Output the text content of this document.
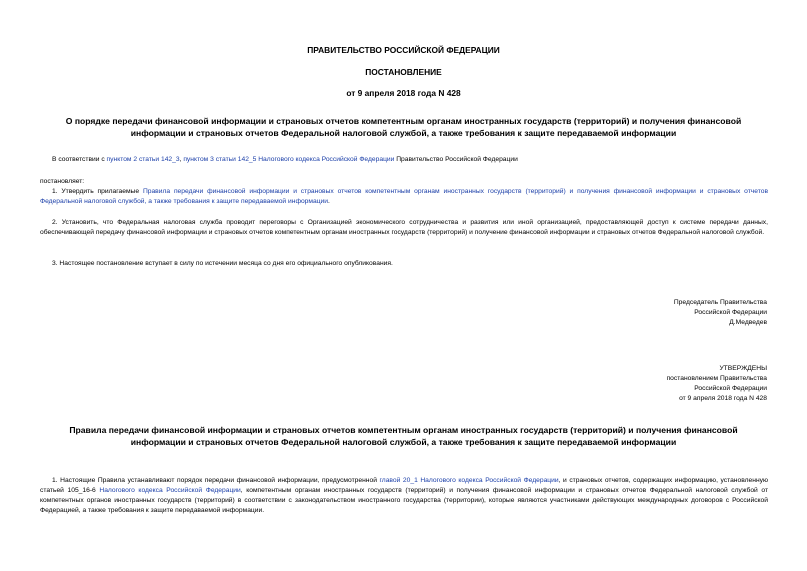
ПРАВИТЕЛЬСТВО РОССИЙСКОЙ ФЕДЕРАЦИИ
ПОСТАНОВЛЕНИЕ
от 9 апреля 2018 года N 428
О порядке передачи финансовой информации и страновых отчетов компетентным органам иностранных государств (территорий) и получения финансовой
информации и страновых отчетов Федеральной налоговой службой, а также требования к защите передаваемой информации
В соответствии с пунктом 2 статьи 142_3, пунктом 3 статьи 142_5 Налогового кодекса Российской Федерации Правительство Российской Федерации
постановляет:
1. Утвердить прилагаемые Правила передачи финансовой информации и страновых отчетов компетентным органам иностранных государств (территорий) и получения финансовой информации и страновых отчетов Федеральной налоговой службой, а также требования к защите передаваемой информации.
2. Установить, что Федеральная налоговая служба проводит переговоры с Организацией экономического сотрудничества и развития или иной организацией, предоставляющей доступ к системе передачи данных, обеспечивающей передачу финансовой информации и страновых отчетов компетентным органам иностранных государств (территорий) и получение финансовой информации и страновых отчетов Федеральной налоговой службой.
3. Настоящее постановление вступает в силу по истечении месяца со дня его официального опубликования.
Председатель Правительства
Российской Федерации
Д.Медведев
УТВЕРЖДЕНЫ
постановлением Правительства
Российской Федерации
от 9 апреля 2018 года N 428
Правила передачи финансовой информации и страновых отчетов компетентным органам иностранных государств (территорий) и получения финансовой
информации и страновых отчетов Федеральной налоговой службой, а также требования к защите передаваемой информации
1. Настоящие Правила устанавливают порядок передачи финансовой информации, предусмотренной главой 20_1 Налогового кодекса Российской Федерации, и страновых отчетов, содержащих информацию, установленную статьей 105_16-6 Налогового кодекса Российской Федерации, компетентным органам иностранных государств (территорий) и получения финансовой информации и страновых отчетов Федеральной налоговой службой от компетентных органов иностранных государств (территорий) в соответствии с законодательством иностранного государства (территории), которые являются участниками действующих международных договоров с Российской Федерацией, а также требования к защите передаваемой информации.
